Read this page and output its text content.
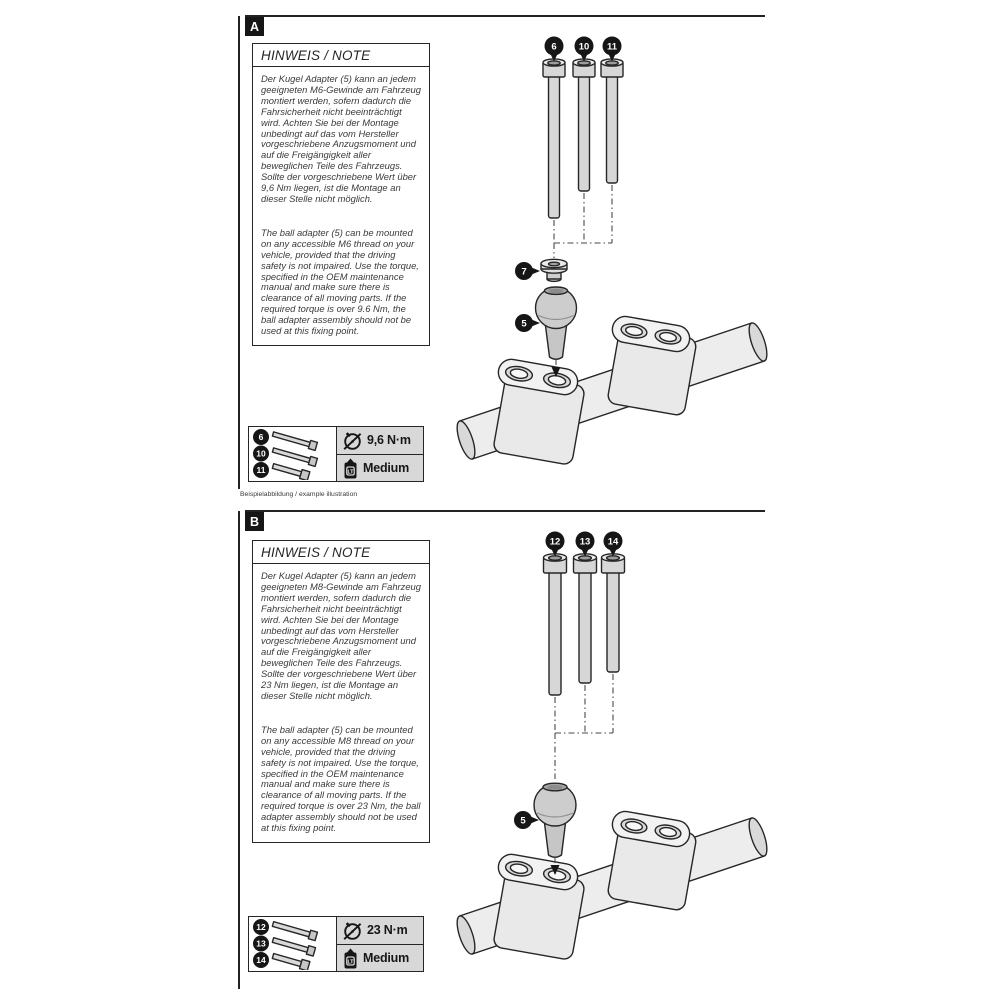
A
HINWEIS / NOTE

Der Kugel Adapter (5) kann an jedem geeigneten M6-Gewinde am Fahrzeug montiert werden, sofern dadurch die Fahrsicherheit nicht beeinträchtigt wird. Achten Sie bei der Montage unbedingt auf das vom Hersteller vorgeschriebene Anzugsmoment und auf die Freigängigkeit aller beweglichen Teile des Fahrzeugs. Sollte der vorgeschriebene Wert über 9,6 Nm liegen, ist die Montage an dieser Stelle nicht möglich.

The ball adapter (5) can be mounted on any accessible M6 thread on your vehicle, provided that the driving safety is not impaired. Use the torque, specified in the OEM maintenance manual and make sure there is clearance of all moving parts. If the required torque is over 9.6 Nm, the ball adapter assembly should not be used at this fixing point.

6 10 11
7
5
6
10
11
9,6 N·m
LT Medium
Beispielabbildung / example illustration
B
HINWEIS / NOTE

Der Kugel Adapter (5) kann an jedem geeigneten M8-Gewinde am Fahrzeug montiert werden, sofern dadurch die Fahrsicherheit nicht beeinträchtigt wird. Achten Sie bei der Montage unbedingt auf das vom Hersteller vorgeschriebene Anzugsmoment und auf die Freigängigkeit aller beweglichen Teile des Fahrzeugs. Sollte der vorgeschriebene Wert über 23 Nm liegen, ist die Montage an dieser Stelle nicht möglich.

The ball adapter (5) can be mounted on any accessible M8 thread on your vehicle, provided that the driving safety is not impaired. Use the torque, specified in the OEM maintenance manual and make sure there is clearance of all moving parts. If the required torque is over 23 Nm, the ball adapter assembly should not be used at this fixing point.

12 13 14
5
12
13
14
23 N·m
LT Medium
